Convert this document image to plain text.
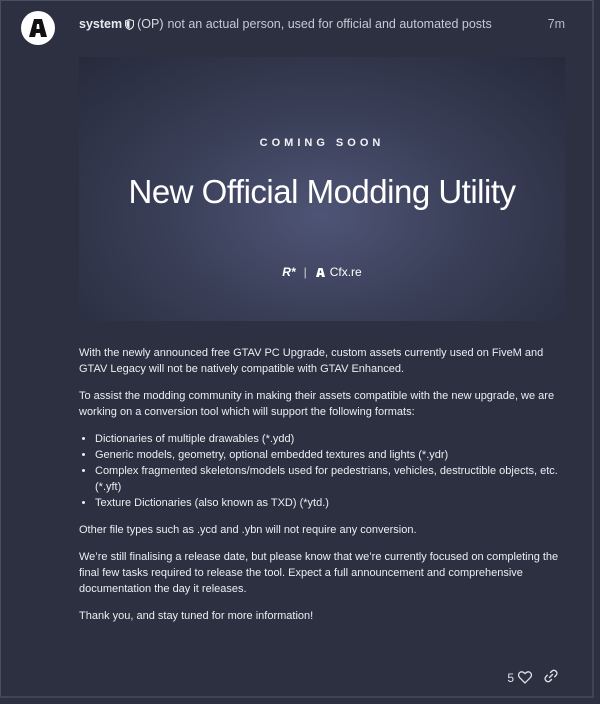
system (OP) not an actual person, used for official and automated posts	7m
COMING SOON
New Official Modding Utility
R* | Cfx.re

With the newly announced free GTAV PC Upgrade, custom assets currently used on FiveM and GTAV Legacy will not be natively compatible with GTAV Enhanced.

To assist the modding community in making their assets compatible with the new upgrade, we are working on a conversion tool which will support the following formats:

• Dictionaries of multiple drawables (*.ydd)
• Generic models, geometry, optional embedded textures and lights (*.ydr)
• Complex fragmented skeletons/models used for pedestrians, vehicles, destructible objects, etc. (*.yft)
• Texture Dictionaries (also known as TXD) (*ytd.)

Other file types such as .ycd and .ybn will not require any conversion.

We’re still finalising a release date, but please know that we’re currently focused on completing the final few tasks required to release the tool. Expect a full announcement and comprehensive documentation the day it releases.

Thank you, and stay tuned for more information!

5
